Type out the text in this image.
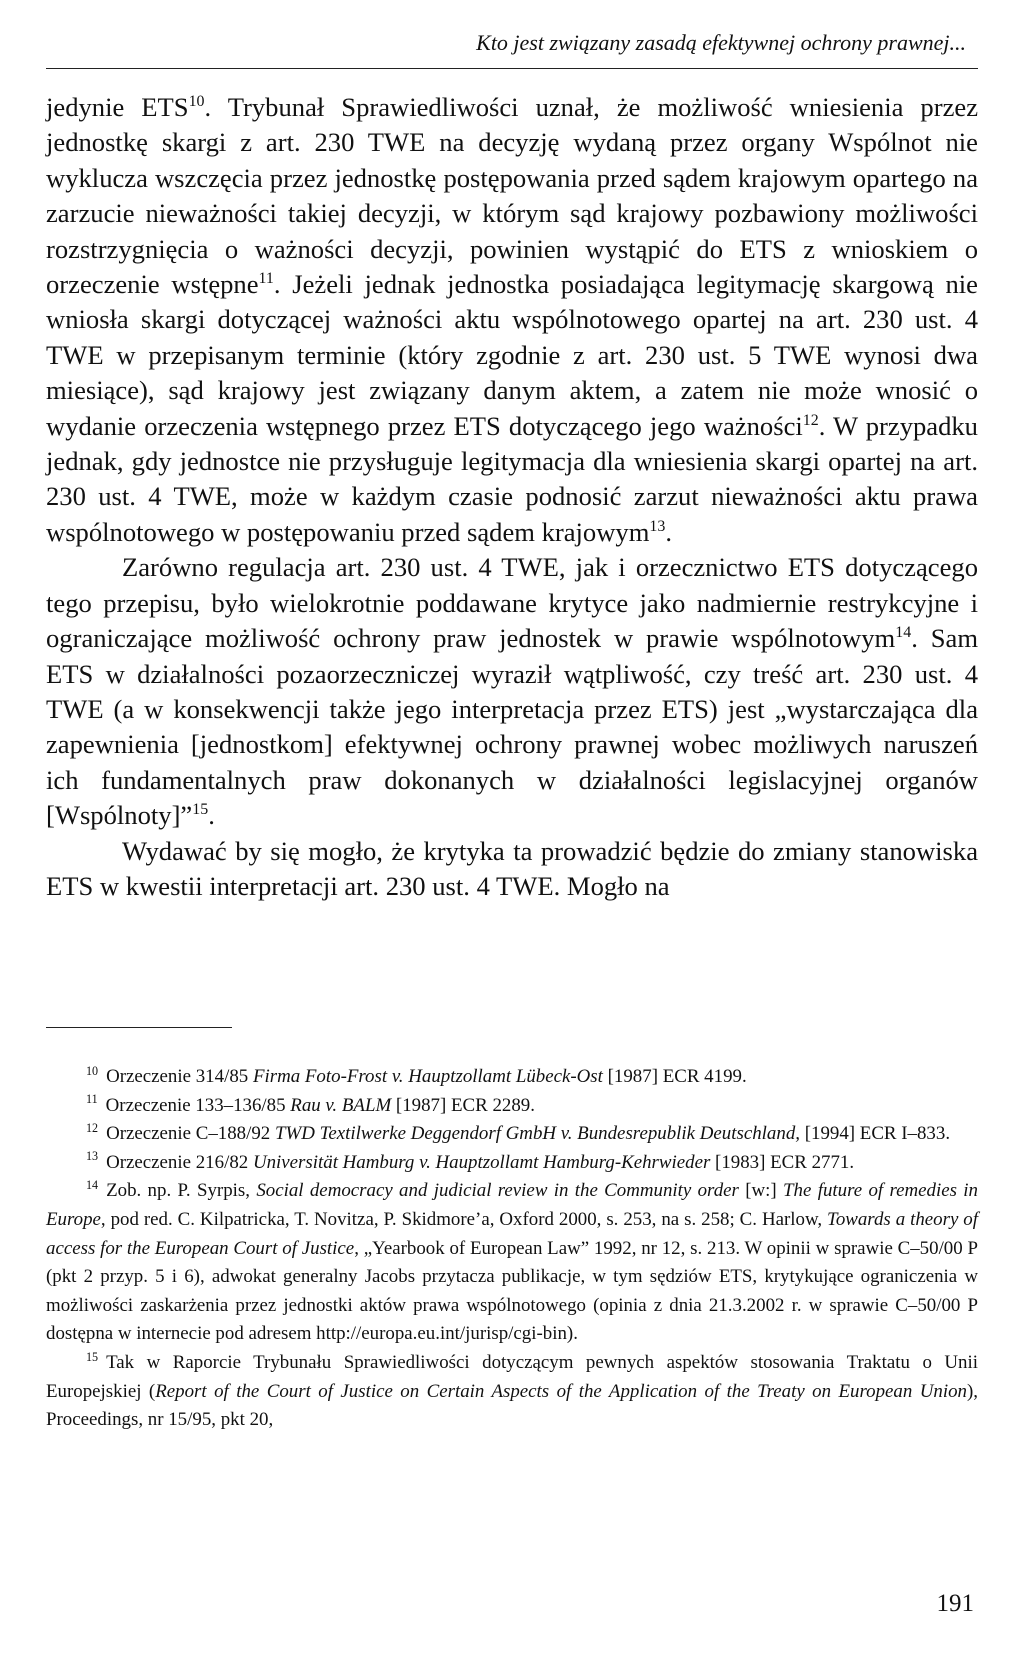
Kto jest związany zasadą efektywnej ochrony prawnej...

jedynie ETS$^{10}$. Trybunał Sprawiedliwości uznał, że możliwość wniesienia przez jednostkę skargi z art. 230 TWE na decyzję wydaną przez organy Wspólnot nie wyklucza wszczęcia przez jednostkę postępowania przed sądem krajowym opartego na zarzucie nieważności takiej decyzji, w którym sąd krajowy pozbawiony możliwości rozstrzygnięcia o ważności decyzji, powinien wystąpić do ETS z wnioskiem o orzeczenie wstępne$^{11}$. Jeżeli jednak jednostka posiadająca legitymację skargową nie wniosła skargi dotyczącej ważności aktu wspólnotowego opartej na art. 230 ust. 4 TWE w przepisanym terminie (który zgodnie z art. 230 ust. 5 TWE wynosi dwa miesiące), sąd krajowy jest związany danym aktem, a zatem nie może wnosić o wydanie orzeczenia wstępnego przez ETS dotyczącego jego ważności$^{12}$. W przypadku jednak, gdy jednostce nie przysługuje legitymacja dla wniesienia skargi opartej na art. 230 ust. 4 TWE, może w każdym czasie podnosić zarzut nieważności aktu prawa wspólnotowego w postępowaniu przed sądem krajowym$^{13}$.

Zarówno regulacja art. 230 ust. 4 TWE, jak i orzecznictwo ETS dotyczącego tego przepisu, było wielokrotnie poddawane krytyce jako nadmiernie restrykcyjne i ograniczające możliwość ochrony praw jednostek w prawie wspólnotowym$^{14}$. Sam ETS w działalności pozaorzeczniczej wyraził wątpliwość, czy treść art. 230 ust. 4 TWE (a w konsekwencji także jego interpretacja przez ETS) jest „wystarczająca dla zapewnienia [jednostkom] efektywnej ochrony prawnej wobec możliwych naruszeń ich fundamentalnych praw dokonanych w działalności legislacyjnej organów [Wspólnoty]”$^{15}$.

Wydawać by się mogło, że krytyka ta prowadzić będzie do zmiany stanowiska ETS w kwestii interpretacji art. 230 ust. 4 TWE. Mogło na

$^{10}$ Orzeczenie 314/85 Firma Foto-Frost v. Hauptzollamt Lübeck-Ost [1987] ECR 4199.

$^{11}$ Orzeczenie 133–136/85 Rau v. BALM [1987] ECR 2289.

$^{12}$ Orzeczenie C–188/92 TWD Textilwerke Deggendorf GmbH v. Bundesrepublik Deutschland, [1994] ECR I–833.

$^{13}$ Orzeczenie 216/82 Universität Hamburg v. Hauptzollamt Hamburg-Kehrwieder [1983] ECR 2771.

$^{14}$ Zob. np. P. Syrpis, Social democracy and judicial review in the Community order [w:] The future of remedies in Europe, pod red. C. Kilpatricka, T. Novitza, P. Skidmore’a, Oxford 2000, s. 253, na s. 258; C. Harlow, Towards a theory of access for the European Court of Justice, „Yearbook of European Law” 1992, nr 12, s. 213. W opinii w sprawie C–50/00 P (pkt 2 przyp. 5 i 6), adwokat generalny Jacobs przytacza publikacje, w tym sędziów ETS, krytykujące ograniczenia w możliwości zaskarżenia przez jednostki aktów prawa wspólnotowego (opinia z dnia 21.3.2002 r. w sprawie C–50/00 P dostępna w internecie pod adresem http://europa.eu.int/jurisp/cgi-bin).

$^{15}$ Tak w Raporcie Trybunału Sprawiedliwości dotyczącym pewnych aspektów stosowania Traktatu o Unii Europejskiej (Report of the Court of Justice on Certain Aspects of the Application of the Treaty on European Union), Proceedings, nr 15/95, pkt 20,

191
